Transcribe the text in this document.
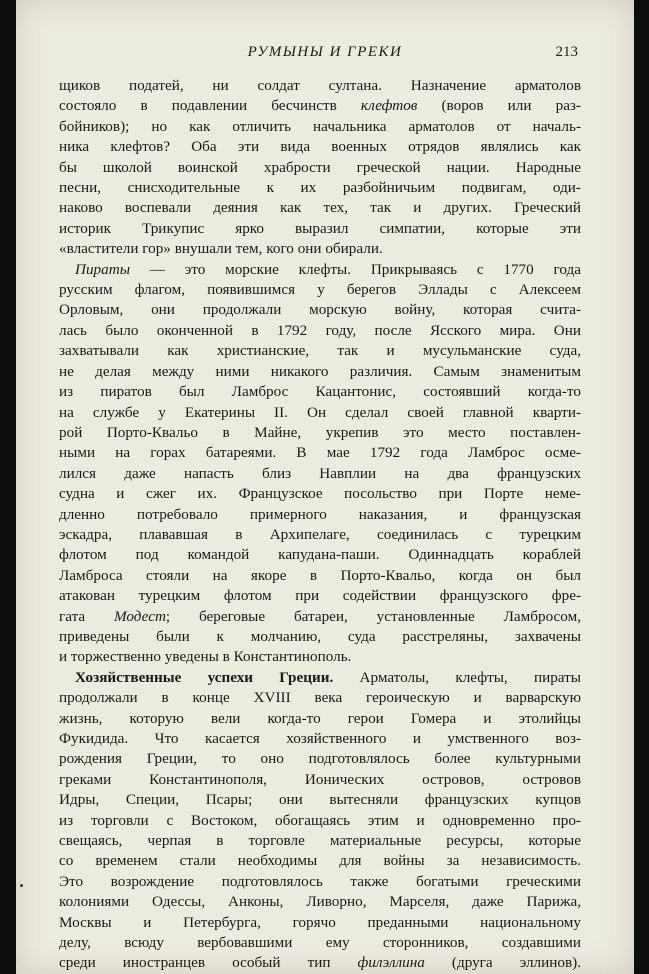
РУМЫНЫ И ГРЕКИ	213
щиков податей, ни солдат султана. Назначение арматолов
состояло в подавлении бесчинств клефтов (воров или раз-
бойников); но как отличить начальника арматолов от началь-
ника клефтов? Оба эти вида военных отрядов являлись как
бы школой воинской храбрости греческой нации. Народные
песни, снисходительные к их разбойничьим подвигам, оди-
наково воспевали деяния как тех, так и других. Греческий
историк Трикупис ярко выразил симпатии, которые эти
«властители гор» внушали тем, кого они обирали.
Пираты — это морские клефты. Прикрываясь с 1770 года
русским флагом, появившимся у берегов Эллады с Алексеем
Орловым, они продолжали морскую войну, которая счита-
лась было оконченной в 1792 году, после Ясского мира. Они
захватывали как христианские, так и мусульманские суда,
не делая между ними никакого различия. Самым знаменитым
из пиратов был Ламброс Кацантонис, состоявший когда-то
на службе у Екатерины II. Он сделал своей главной кварти-
рой Порто-Квальо в Майне, укрепив это место поставлен-
ными на горах батареями. В мае 1792 года Ламброс осме-
лился даже напасть близ Навплии на два французских
судна и сжег их. Французское посольство при Порте неме-
дленно потребовало примерного наказания, и французская
эскадра, плававшая в Архипелаге, соединилась с турецким
флотом под командой капудана-паши. Одиннадцать кораблей
Ламброса стояли на якоре в Порто-Квальо, когда он был
атакован турецким флотом при содействии французского фре-
гата Модест; береговые батареи, установленные Ламбросом,
приведены были к молчанию, суда расстреляны, захвачены
и торжественно уведены в Константинополь.
Хозяйственные успехи Греции. Арматолы, клефты, пираты
продолжали в конце XVIII века героическую и варварскую
жизнь, которую вели когда-то герои Гомера и этолийцы
Фукидида. Что касается хозяйственного и умственного воз-
рождения Греции, то оно подготовлялось более культурными
греками Константинополя, Ионических островов, островов
Идры, Специи, Псары; они вытесняли французских купцов
из торговли с Востоком, обогащаясь этим и одновременно про-
свещаясь, черпая в торговле материальные ресурсы, которые
со временем стали необходимы для войны за независимость.
Это возрождение подготовлялось также богатыми греческими
колониями Одессы, Анконы, Ливорно, Марселя, даже Парижа,
Москвы и Петербурга, горячо преданными национальному
делу, всюду вербовавшими ему сторонников, создавшими
среди иностранцев особый тип филэллина (друга эллинов).
